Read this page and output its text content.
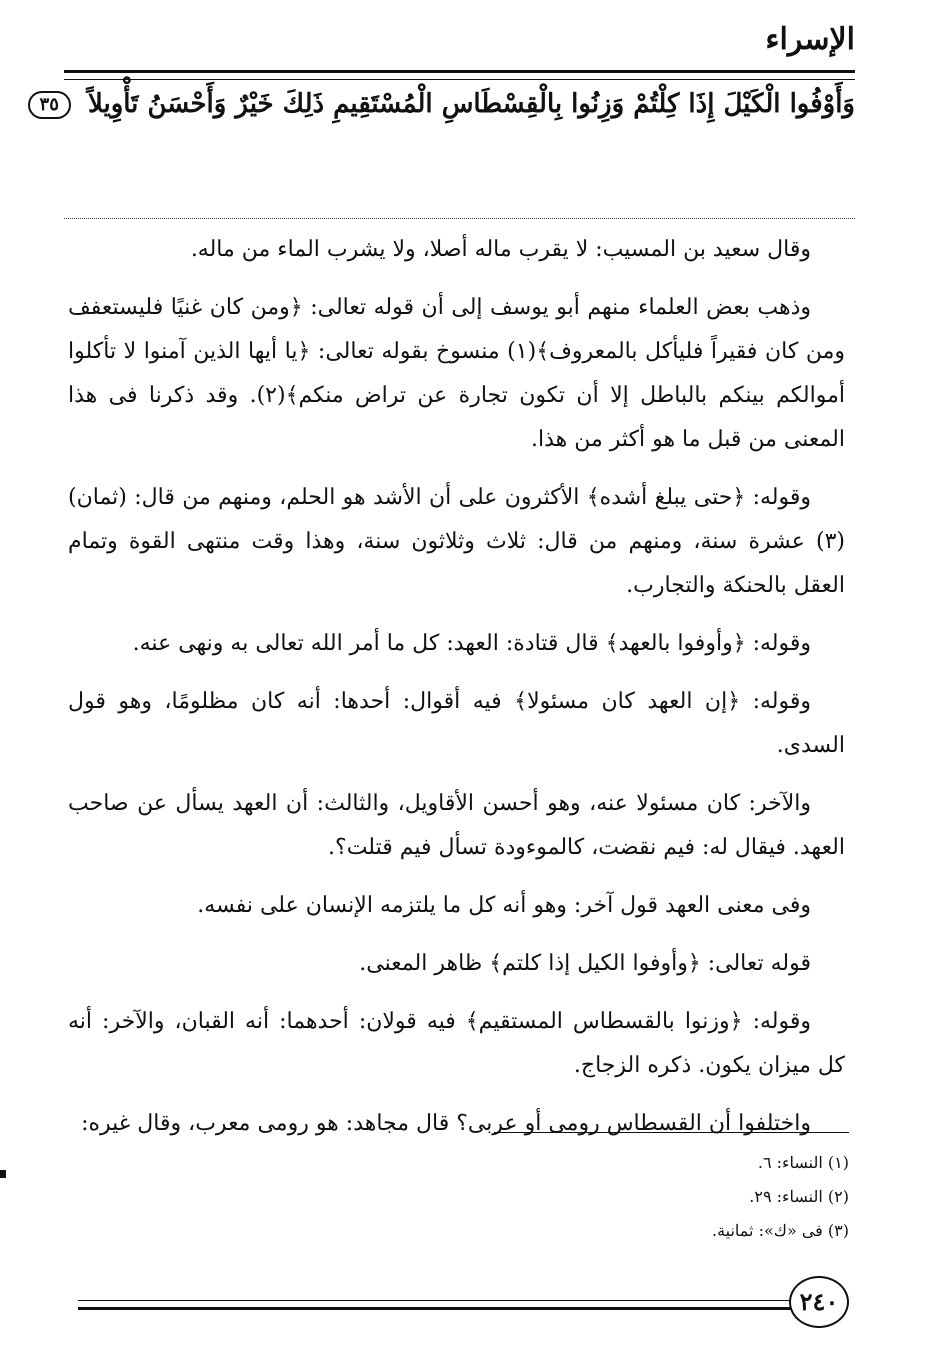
الإسراء
وَأَوْفُوا الْكَيْلَ إِذَا كِلْتُمْ وَزِنُوا بِالْقِسْطَاسِ الْمُسْتَقِيمِ ذَلِكَ خَيْرٌ وَأَحْسَنُ تَأْوِيلاً ٣٥

وقال سعيد بن المسيب: لا يقرب ماله أصلا، ولا يشرب الماء من ماله.

وذهب بعض العلماء منهم أبو يوسف إلى أن قوله تعالى: ﴿ومن كان غنيًا فليستعفف ومن كان فقيراً فليأكل بالمعروف﴾(١) منسوخ بقوله تعالى: ﴿يا أيها الذين آمنوا لا تأكلوا أموالكم بينكم بالباطل إلا أن تكون تجارة عن تراض منكم﴾(٢). وقد ذكرنا فى هذا المعنى من قبل ما هو أكثر من هذا.

وقوله: ﴿حتى يبلغ أشده﴾ الأكثرون على أن الأشد هو الحلم، ومنهم من قال: (ثمان)(٣) عشرة سنة، ومنهم من قال: ثلاث وثلاثون سنة، وهذا وقت منتهى القوة وتمام العقل بالحنكة والتجارب.

وقوله: ﴿وأوفوا بالعهد﴾ قال قتادة: العهد: كل ما أمر الله تعالى به ونهى عنه.

وقوله: ﴿إن العهد كان مسئولا﴾ فيه أقوال: أحدها: أنه كان مظلومًا، وهو قول السدى.

والآخر: كان مسئولا عنه، وهو أحسن الأقاويل، والثالث: أن العهد يسأل عن صاحب العهد. فيقال له: فيم نقضت، كالموءودة تسأل فيم قتلت؟.

وفى معنى العهد قول آخر: وهو أنه كل ما يلتزمه الإنسان على نفسه.

قوله تعالى: ﴿وأوفوا الكيل إذا كلتم﴾ ظاهر المعنى.

وقوله: ﴿وزنوا بالقسطاس المستقيم﴾ فيه قولان: أحدهما: أنه القبان، والآخر: أنه كل ميزان يكون. ذكره الزجاج.

واختلفوا أن القسطاس رومى أو عربى؟ قال مجاهد: هو رومى معرب، وقال غيره:

(١) النساء: ٦.

(٢) النساء: ٢٩.

(٣) فى «ك»: ثمانية.

٢٤٠
